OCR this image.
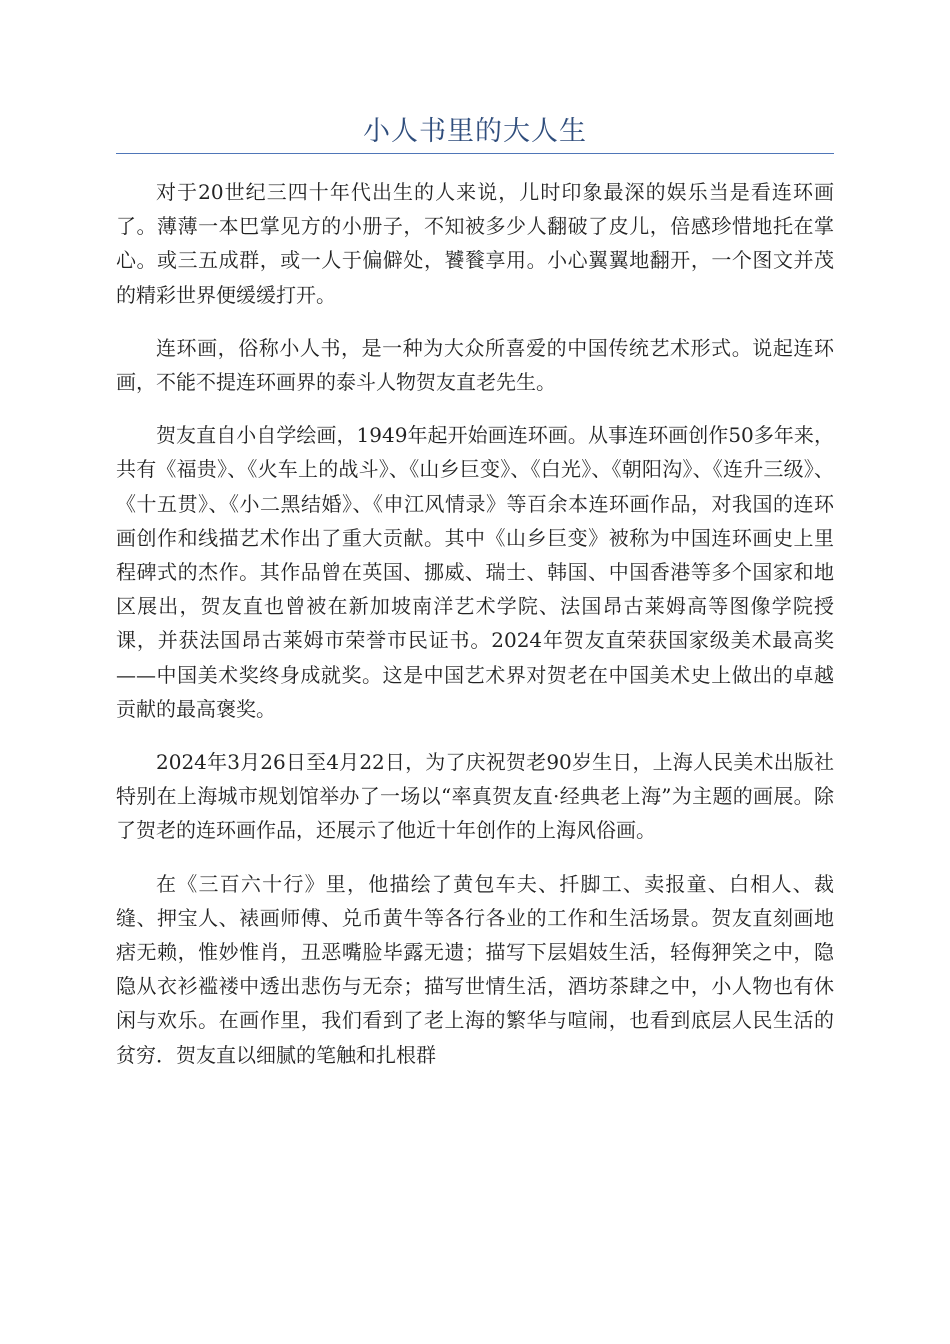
小人书里的大人生

对于20世纪三四十年代出生的人来说，儿时印象最深的娱乐当是看连环画了。薄薄一本巴掌见方的小册子，不知被多少人翻破了皮儿，倍感珍惜地托在掌心。或三五成群，或一人于偏僻处，饕餮享用。小心翼翼地翻开，一个图文并茂的精彩世界便缓缓打开。

连环画，俗称小人书，是一种为大众所喜爱的中国传统艺术形式。说起连环画，不能不提连环画界的泰斗人物贺友直老先生。

贺友直自小自学绘画，1949年起开始画连环画。从事连环画创作50多年来，共有《福贵》、《火车上的战斗》、《山乡巨变》、《白光》、《朝阳沟》、《连升三级》、《十五贯》、《小二黑结婚》、《申江风情录》等百余本连环画作品，对我国的连环画创作和线描艺术作出了重大贡献。其中《山乡巨变》被称为中国连环画史上里程碑式的杰作。其作品曾在英国、挪威、瑞士、韩国、中国香港等多个国家和地区展出，贺友直也曾被在新加坡南洋艺术学院、法国昂古莱姆高等图像学院授课，并获法国昂古莱姆市荣誉市民证书。2024年贺友直荣获国家级美术最高奖——中国美术奖终身成就奖。这是中国艺术界对贺老在中国美术史上做出的卓越贡献的最高褒奖。

2024年3月26日至4月22日，为了庆祝贺老90岁生日，上海人民美术出版社特别在上海城市规划馆举办了一场以“率真贺友直·经典老上海”为主题的画展。除了贺老的连环画作品，还展示了他近十年创作的上海风俗画。

在《三百六十行》里，他描绘了黄包车夫、扦脚工、卖报童、白相人、裁缝、押宝人、裱画师傅、兑币黄牛等各行各业的工作和生活场景。贺友直刻画地痞无赖，惟妙惟肖，丑恶嘴脸毕露无遗；描写下层娼妓生活，轻侮狎笑之中，隐隐从衣衫褴褛中透出悲伤与无奈；描写世情生活，酒坊茶肆之中，小人物也有休闲与欢乐。在画作里，我们看到了老上海的繁华与喧闹，也看到底层人民生活的贫穷．贺友直以细腻的笔触和扎根群
